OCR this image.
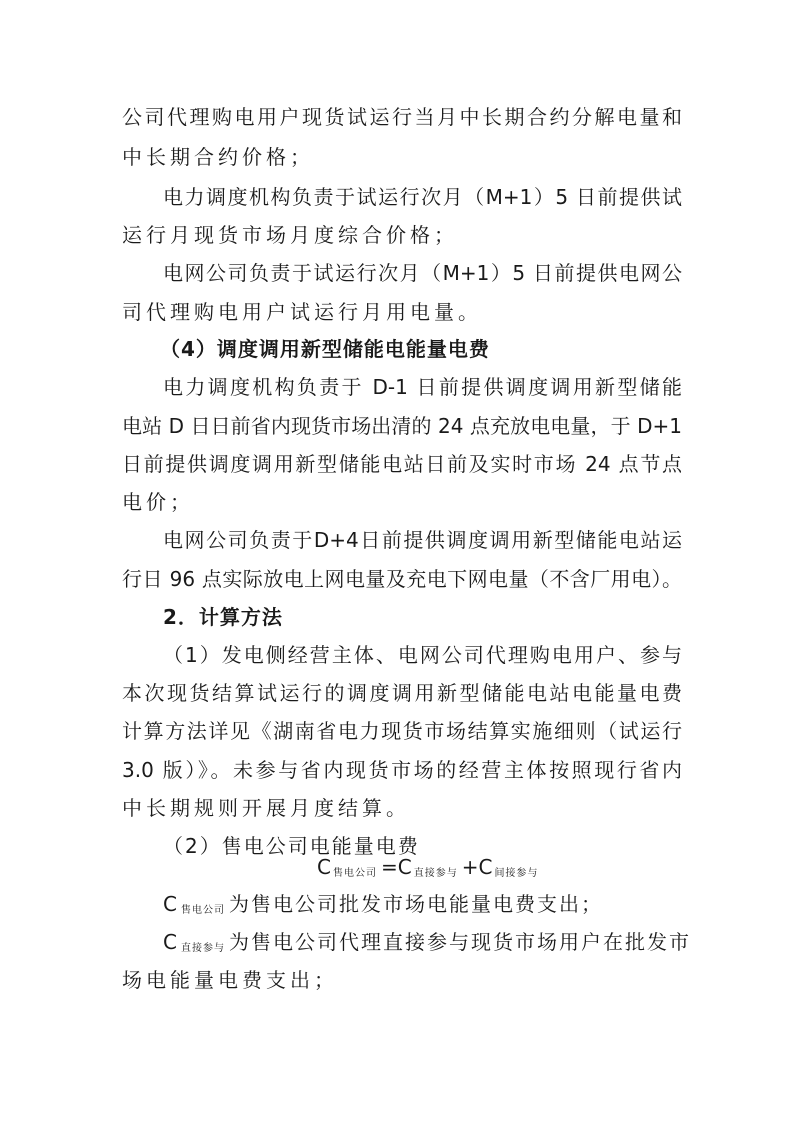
公司代理购电用户现货试运行当月中长期合约分解电量和
中长期合约价格；
电力调度机构负责于试运行次月（M+1）5 日前提供试
运行月现货市场月度综合价格；
电网公司负责于试运行次月（M+1）5 日前提供电网公
司代理购电用户试运行月用电量。
（4）调度调用新型储能电能量电费
电力调度机构负责于 D-1 日前提供调度调用新型储能
电站 D 日日前省内现货市场出清的 24 点充放电电量，于 D+1
日前提供调度调用新型储能电站日前及实时市场 24 点节点
电价；
电网公司负责于D+4日前提供调度调用新型储能电站运
行日 96 点实际放电上网电量及充电下网电量（不含厂用电）。
2．计算方法
（1）发电侧经营主体、电网公司代理购电用户、参与
本次现货结算试运行的调度调用新型储能电站电能量电费
计算方法详见《湖南省电力现货市场结算实施细则（试运行
3.0 版）》。未参与省内现货市场的经营主体按照现行省内
中长期规则开展月度结算。
（2）售电公司电能量电费
C $_{售电公司}$ =C $_{直接参与}$ +C $_{间接参与}$
C $_{售电公司}$ 为售电公司批发市场电能量电费支出；
C $_{直接参与}$ 为售电公司代理直接参与现货市场用户在批发市
场电能量电费支出；
